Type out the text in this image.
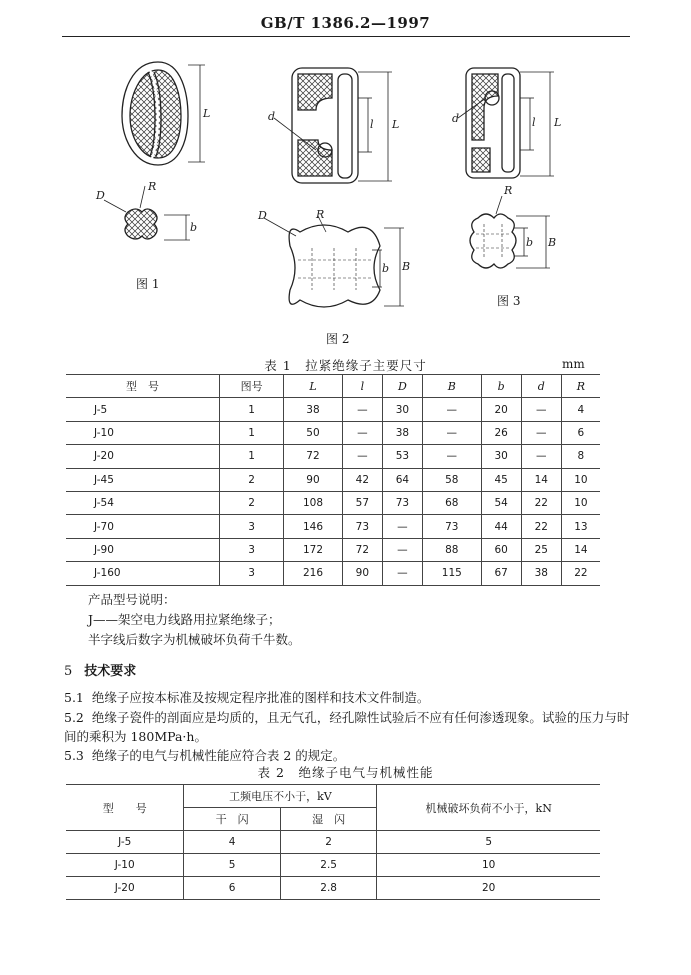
GB/T 1386.2—1997
L
b
D
R
L
l
d
b B
D	R
L
l
d
b B
R
图 1
图 2
图 3
表 1　拉紧绝缘子主要尺寸	mm
型　号	图号	L	l	D	B	b	d	R
J-5	1	38	—	30	—	20	—	4
J-10	1	50	—	38	—	26	—	6
J-20	1	72	—	53	—	30	—	8
J-45	2	90	42	64	58	45	14	10
J-54	2	108	57	73	68	54	22	10
J-70	3	146	73	—	73	44	22	13
J-90	3	172	72	—	88	60	25	14
J-160	3	216	90	—	115	67	38	22
产品型号说明：
J——架空电力线路用拉紧绝缘子；
半字线后数字为机械破坏负荷千牛数。
5 技术要求
5.1 绝缘子应按本标准及按规定程序批准的图样和技术文件制造。
5.2 绝缘子瓷件的剖面应是均质的，且无气孔，经孔隙性试验后不应有任何渗透现象。试验的压力与时间的乘积为 180MPa·h。
5.3 绝缘子的电气与机械性能应符合表 2 的规定。
表 2　绝缘子电气与机械性能
型　　号	工频电压不小于，kV		机械破坏负荷不小于，kN
	干　闪	湿　闪	
J-5	4	2	5
J-10	5	2.5	10
J-20	6	2.8	20
